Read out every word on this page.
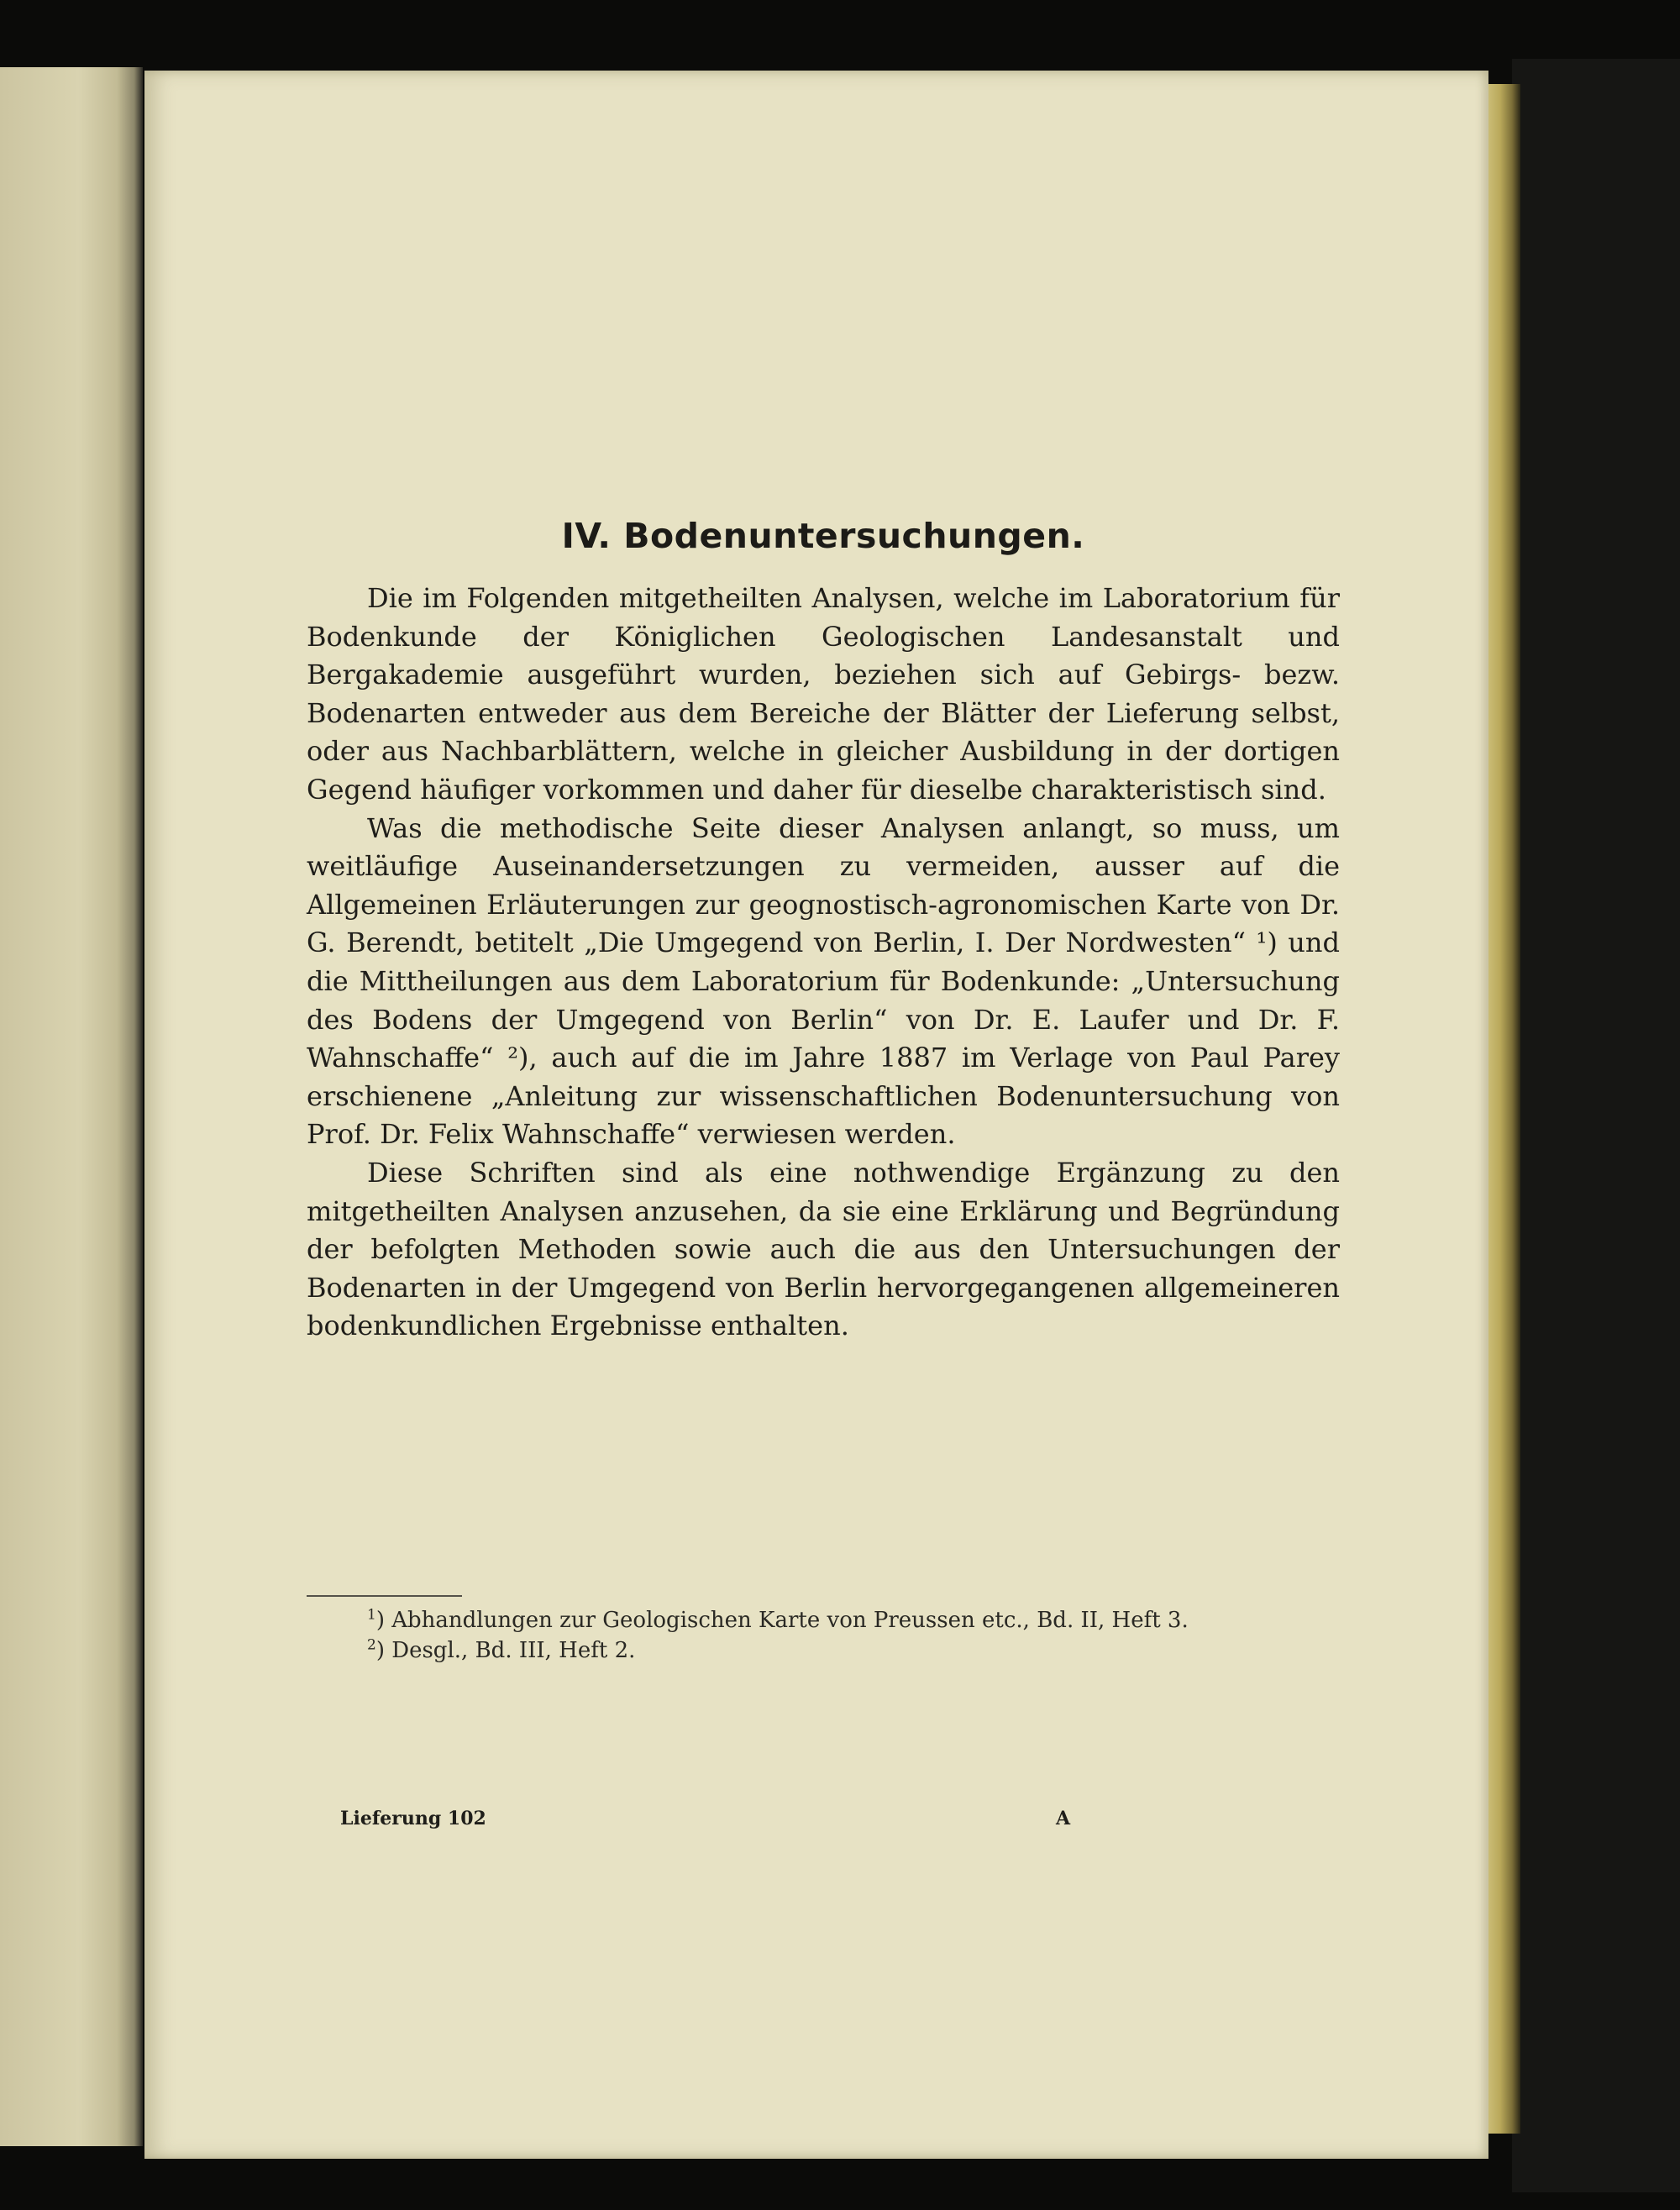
IV. Bodenuntersuchungen.

Die im Folgenden mitgetheilten Analysen, welche im Laboratorium für Bodenkunde der Königlichen Geologischen Landesanstalt und Bergakademie ausgeführt wurden, beziehen sich auf Gebirgs- bezw. Bodenarten entweder aus dem Bereiche der Blätter der Lieferung selbst, oder aus Nachbarblättern, welche in gleicher Ausbildung in der dortigen Gegend häufiger vorkommen und daher für dieselbe charakteristisch sind.

Was die methodische Seite dieser Analysen anlangt, so muss, um weitläufige Auseinandersetzungen zu vermeiden, ausser auf die Allgemeinen Erläuterungen zur geognostisch-agronomischen Karte von Dr. G. Berendt, betitelt „Die Umgegend von Berlin, I. Der Nordwesten“ ¹) und die Mittheilungen aus dem Laboratorium für Bodenkunde: „Untersuchung des Bodens der Umgegend von Berlin“ von Dr. E. Laufer und Dr. F. Wahnschaffe“ ²), auch auf die im Jahre 1887 im Verlage von Paul Parey erschienene „Anleitung zur wissenschaftlichen Bodenuntersuchung von Prof. Dr. Felix Wahnschaffe“ verwiesen werden.

Diese Schriften sind als eine nothwendige Ergänzung zu den mitgetheilten Analysen anzusehen, da sie eine Erklärung und Begründung der befolgten Methoden sowie auch die aus den Untersuchungen der Bodenarten in der Umgegend von Berlin hervorgegangenen allgemeineren bodenkundlichen Ergebnisse enthalten.

$^1$) Abhandlungen zur Geologischen Karte von Preussen etc., Bd. II, Heft 3.

$^2$) Desgl., Bd. III, Heft 2.

Lieferung 102	A
